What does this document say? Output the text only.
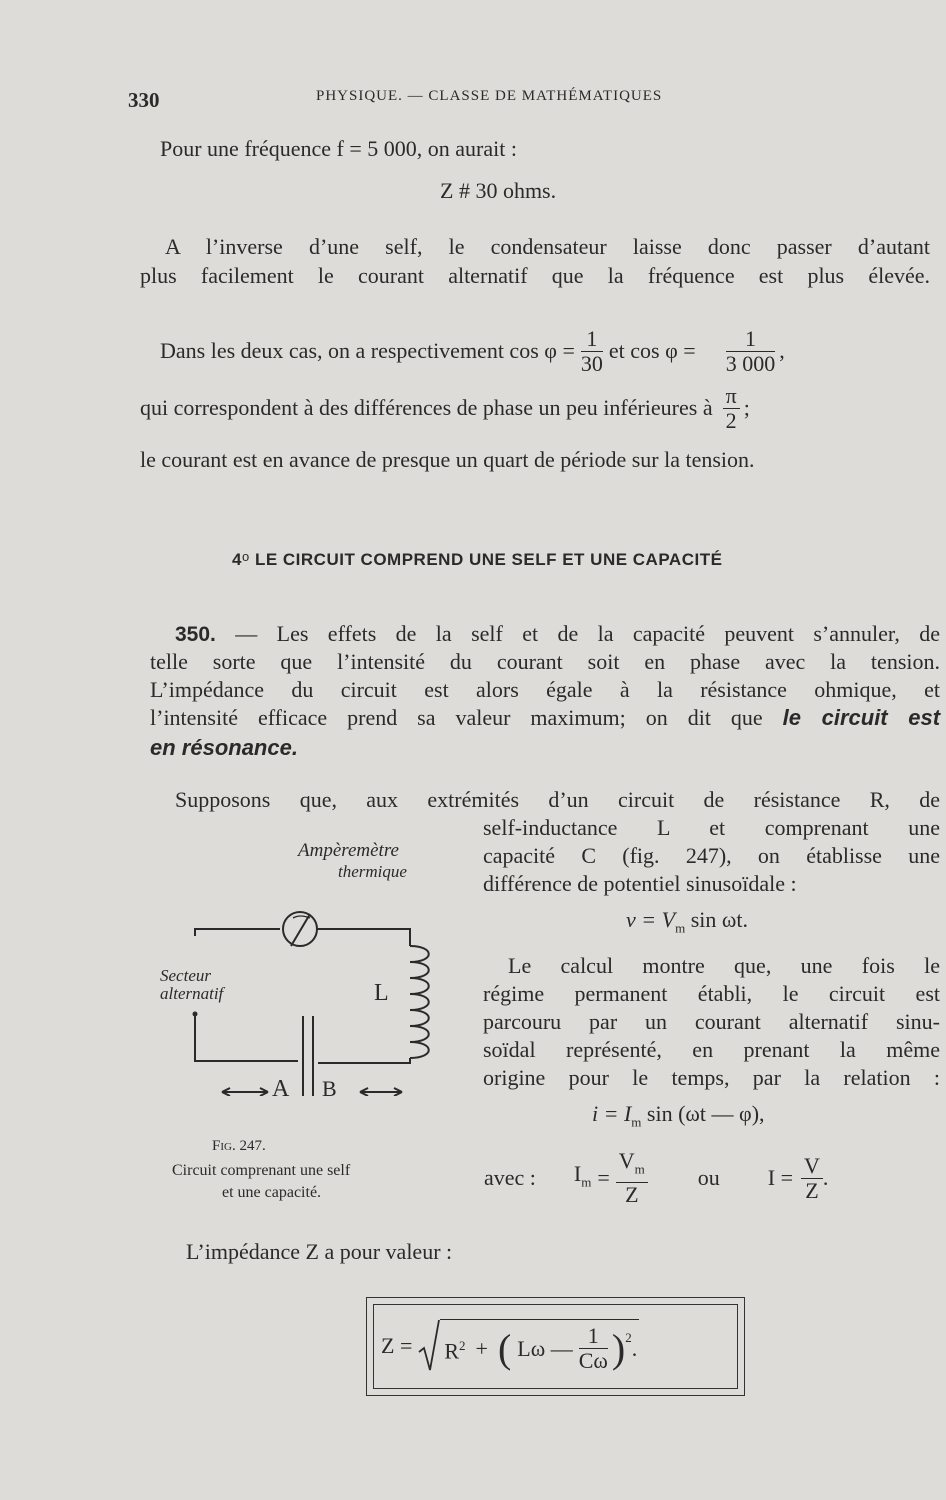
330	PHYSIQUE. — CLASSE DE MATHÉMATIQUES
Pour une fréquence f = 5 000, on aurait :
Z # 30 ohms.
A l’inverse d’une self, le condensateur laisse donc passer d’autant
plus facilement le courant alternatif que la fréquence est plus élevée.
Dans les deux cas, on a respectivement $\cos \varphi = \frac{1}{30}$ et $\cos \varphi = \frac{1}{3 000}$ ,
qui correspondent à des différences de phase un peu inférieures à $\frac{\pi}{2}$ ;
le courant est en avance de presque un quart de période sur la tension.
4$^o$ LE CIRCUIT COMPREND UNE SELF ET UNE CAPACITÉ
350. — Les effets de la self et de la capacité peuvent s’annuler, de
telle sorte que l’intensité du courant soit en phase avec la tension.
L’impédance du circuit est alors égale à la résistance ohmique, et
l’intensité efficace prend sa valeur maximum; on dit que le circuit est
en résonance.
Supposons que, aux extrémités d’un circuit de résistance R, de
self-inductance L et comprenant une
capacité C (fig. 247), on établisse une
différence de potentiel sinusoïdale :
$v = V_m$ sin ωt.
Le calcul montre que, une fois le
régime permanent établi, le circuit est
parcouru par un courant alternatif sinu-
soïdal représenté, en prenant la même
origine pour le temps, par la relation :
$i = I_m$ sin (ωt — φ),
avec : $I_m = \frac{V_m}{Z}$ ou $I = \frac{V}{Z}$ .
Ampèremètre
thermique
Secteur
alternatif	L
A B
Fig. 247.
Circuit comprenant une self
et une capacité.
L’impédance Z a pour valeur :
$Z = R^2$ + ( Lω — $\frac{1}{C\omega} )^2$ .
